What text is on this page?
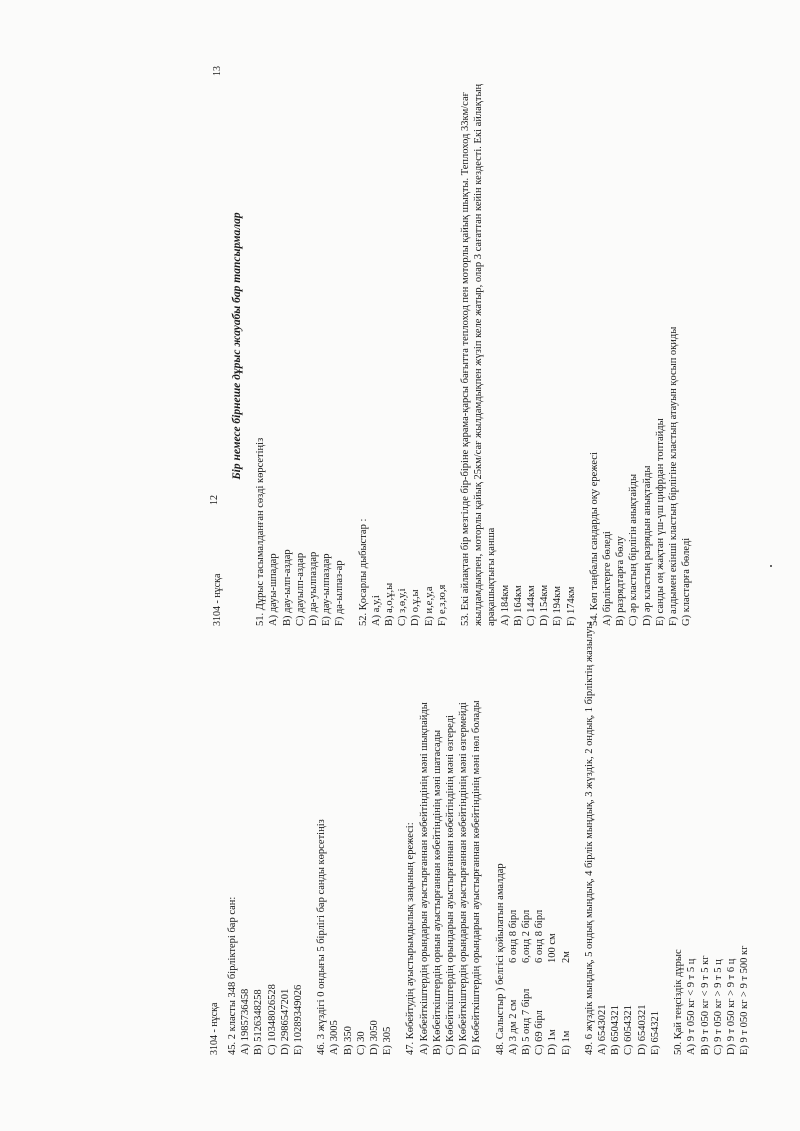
3104 - нұсқа 45. 2 класты 348 бірліктері бар сан: А) 1985736458 В) 5126348258 С) 10348026528 D) 2986547201 Е) 10289349026 46. 3 жүздігі 0 ондығы 5 бірлігі бар санды көрсетіңіз А) 3005 В) 350 С) 30 D) 3050 Е) 305 47. Көбейтудің ауыстырымдылық заңының ережесі: А) Көбейткіштердің орындарын ауыстырғаннан көбейтіндінің мәні шықпайды В) Көбейткіштердің орнын ауыстырғаннан көбейтіндінің мәні шатасады С) Көбейткіштердің орындарын ауыстырғаннан көбейтіндінің мәні өзгереді D) Көбейткіштердің орындарын ауыстырғаннан көбейтіндінің мәні өзгермейді Е) Көбейткіштердің орындарын ауыстырғаннан көбейтіндінің мәні нөл болады 48. Салыстыр ) белгісі қойылатын амалдар А) 3 дм 2 см
6 онд 8 бірл
В) 5 онд 7 бірл
6,онд 2 бірл
С) 69 бірл
6 онд 8 бірл
D) 1м
100 см
Е) 1м
2м 49. 6 жүздік мыңдық, 5 ондық мыңдық, 4 бірлік мыңдық, 3 жүздік, 2 ондық, 1 бірліктің жазылуы А) 6543021 В) 6504321 С) 6054321 D) 6540321 Е) 654321 50. Қай теңсіздік дұрыс А) 9 т 050 кг < 9 т 5 ц В) 9 т 050 кг < 9 т 5 кг С) 9 т 050 кг > 9 т 5 ц D) 9 т 050 кг > 9 т 6 ц Е) 9 т 050 кг > 9 т 500 кг
12
3104 - нұсқа
Бір немесе бірнеше дұрыс жауабы бар тапсырмалар
51. Дұрыс тасымалданған сөзді көрсетіңіз А) дауы-шпадар В) дау-ылп-аздар С) дауылп-аздар D) да-уылпаздар Е) дау-ылпаздар F) да-ылпаз-ар 52. Қосарлы дыбыстар : А) а,у,і В) а,о,ұ,ы С) з,ө,у,і D) о,ұ,ы Е) и,е,у,а F) е,з,ю,я 53. Екі айлақтан бір мезгілде бір-біріне қарама-қарсы бағытта теплоход пен моторлы қайық шықты. Теплоход 33км/сағ жылдамдықпен, моторлы қайық 25км/сағ жылдамдықпен жүзіп келе жатыр, олар 3 сағаттан кейін кездесті. Екі айлақтың арақашықтығы қанша А) 184км В) 164км С) 144км D) 154км Е) 194км F) 174км 54. Көп таңбалы сандарды оқу ережесі А) бірліктерге бөледі В) разрядтарға бөлу С) әр кластың бірлігін анықтайды D) әр кластың разрядын анықтайды Е) санды оң жақтан үш-үш цифрдан топтайды F) алдымен екінші кластың бірлігіне кластың атауын қосып оқиды G) кластарға бөледі
13
